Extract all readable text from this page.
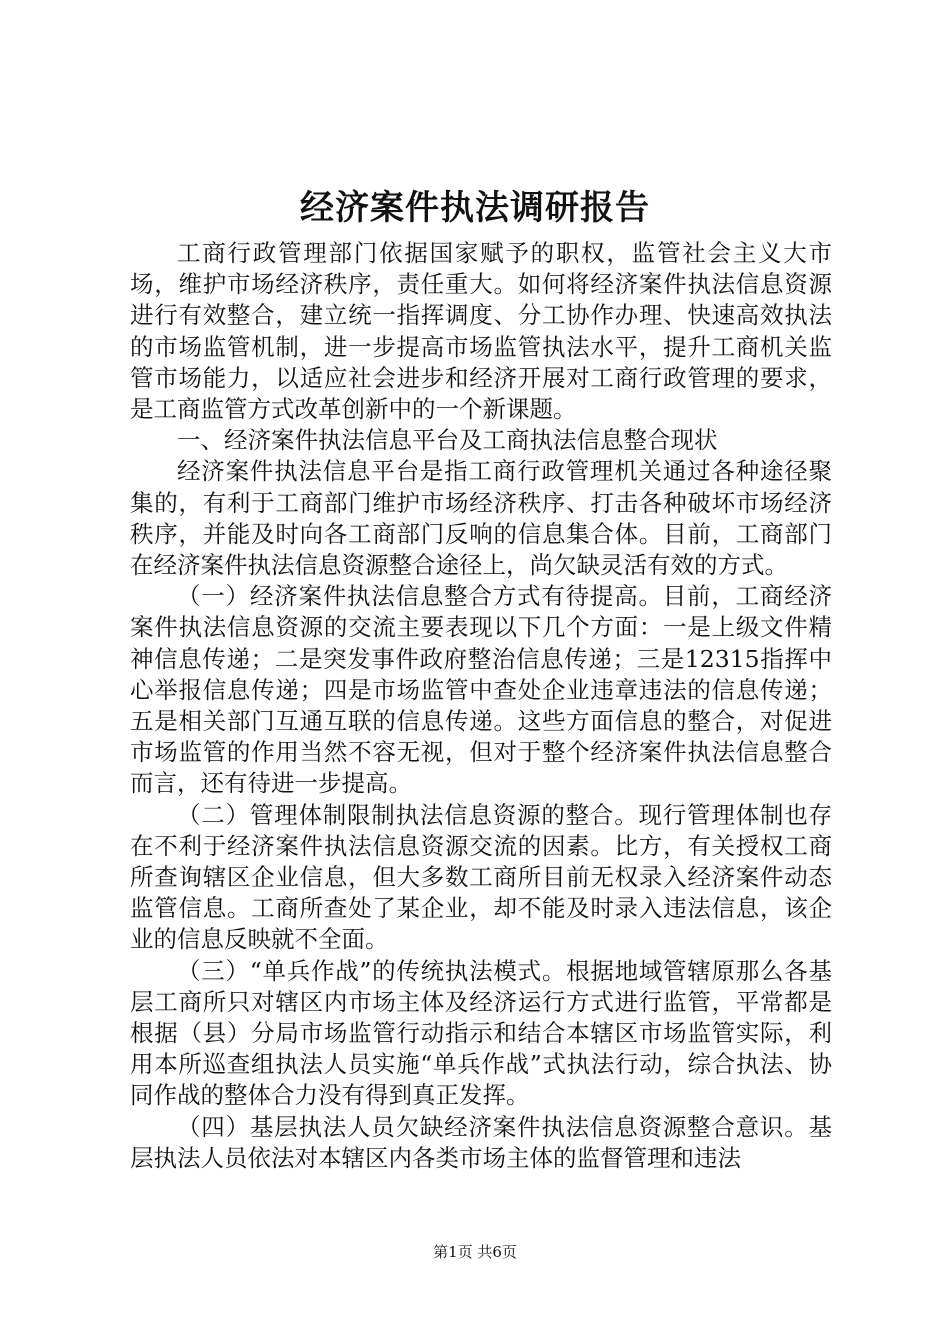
经济案件执法调研报告

工商行政管理部门依据国家赋予的职权，监管社会主义大市场，维护市场经济秩序，责任重大。如何将经济案件执法信息资源进行有效整合，建立统一指挥调度、分工协作办理、快速高效执法的市场监管机制，进一步提高市场监管执法水平，提升工商机关监管市场能力，以适应社会进步和经济开展对工商行政管理的要求，是工商监管方式改革创新中的一个新课题。

一、经济案件执法信息平台及工商执法信息整合现状

经济案件执法信息平台是指工商行政管理机关通过各种途径聚集的，有利于工商部门维护市场经济秩序、打击各种破坏市场经济秩序，并能及时向各工商部门反响的信息集合体。目前，工商部门在经济案件执法信息资源整合途径上，尚欠缺灵活有效的方式。

（一）经济案件执法信息整合方式有待提高。目前，工商经济案件执法信息资源的交流主要表现以下几个方面：一是上级文件精神信息传递；二是突发事件政府整治信息传递；三是12315指挥中心举报信息传递；四是市场监管中查处企业违章违法的信息传递；五是相关部门互通互联的信息传递。这些方面信息的整合，对促进市场监管的作用当然不容无视，但对于整个经济案件执法信息整合而言，还有待进一步提高。

（二）管理体制限制执法信息资源的整合。现行管理体制也存在不利于经济案件执法信息资源交流的因素。比方，有关授权工商所查询辖区企业信息，但大多数工商所目前无权录入经济案件动态监管信息。工商所查处了某企业，却不能及时录入违法信息，该企业的信息反映就不全面。

（三）“单兵作战”的传统执法模式。根据地域管辖原那么各基层工商所只对辖区内市场主体及经济运行方式进行监管，平常都是根据（县）分局市场监管行动指示和结合本辖区市场监管实际，利用本所巡查组执法人员实施“单兵作战”式执法行动，综合执法、协同作战的整体合力没有得到真正发挥。

（四）基层执法人员欠缺经济案件执法信息资源整合意识。基层执法人员依法对本辖区内各类市场主体的监督管理和违法

第1页 共6页
